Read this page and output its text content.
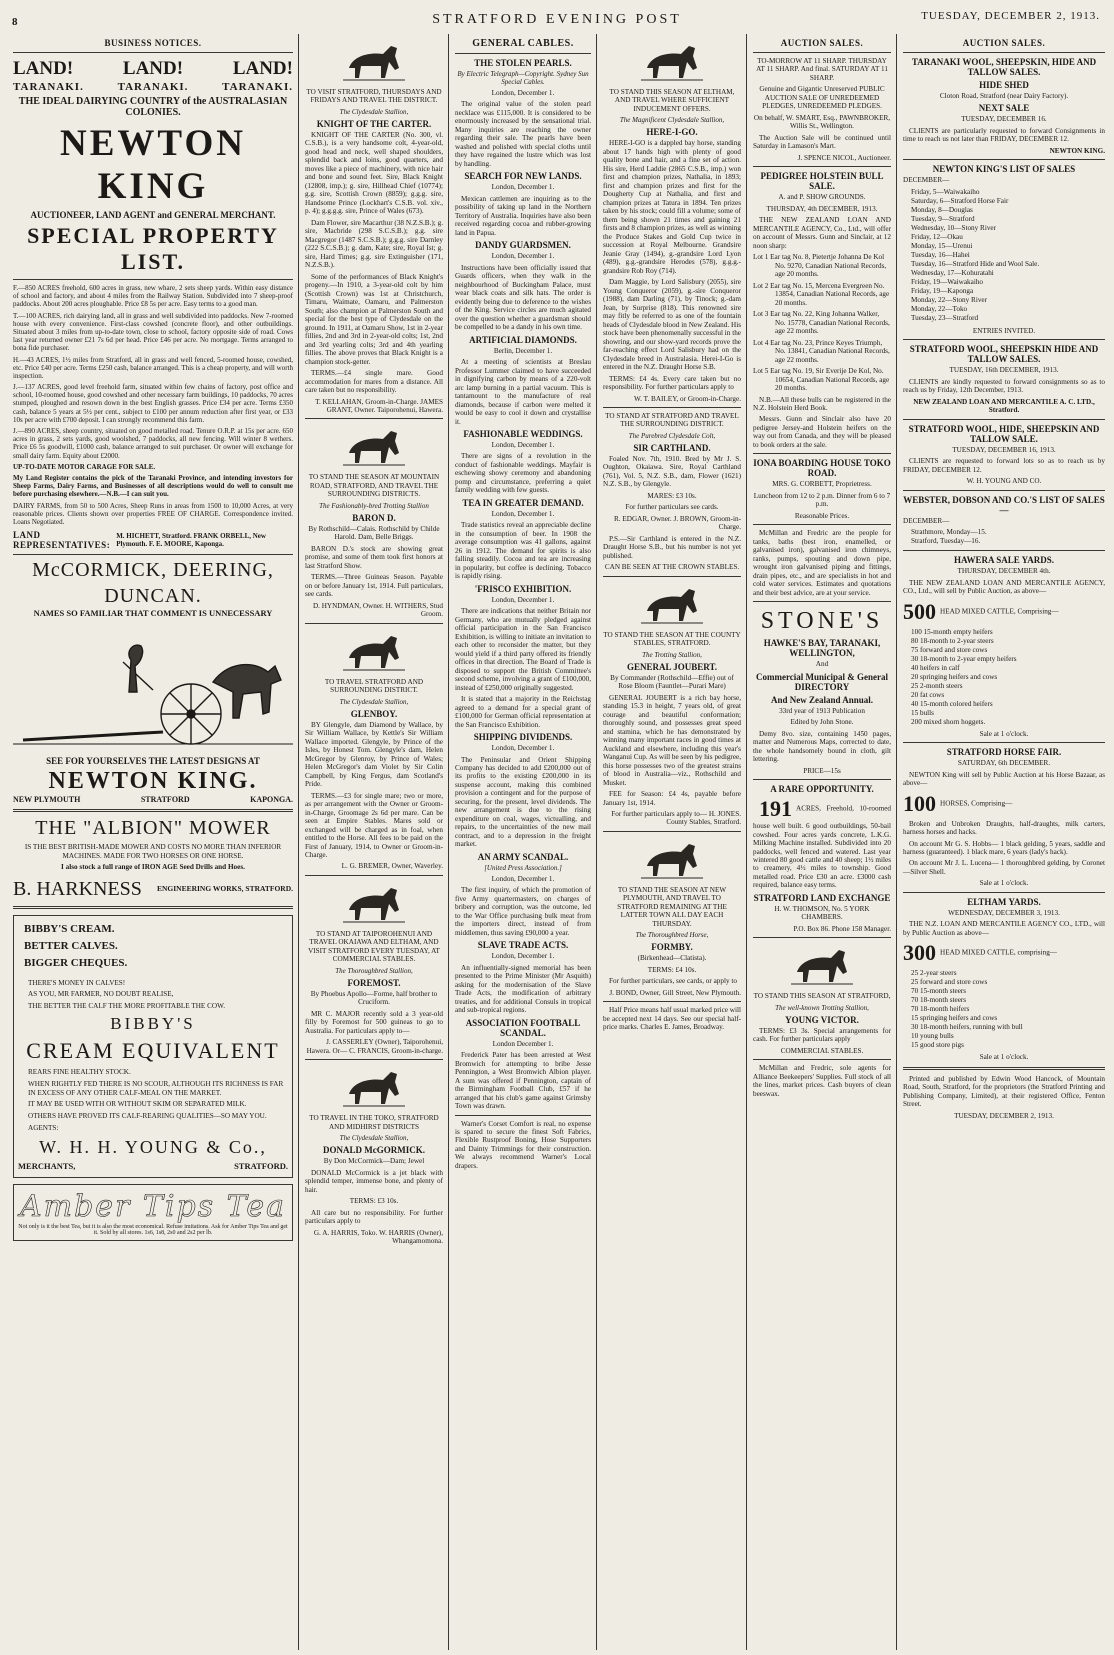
8	STRATFORD EVENING POST	TUESDAY, DECEMBER 2, 1913.
BUSINESS NOTICES.
LAND!	LAND!	LAND!
TARANAKI.	TARANAKI.	TARANAKI.
THE IDEAL DAIRYING COUNTRY of the AUSTRALASIAN COLONIES.
NEWTON KING
AUCTIONEER, LAND AGENT and GENERAL MERCHANT.
SPECIAL PROPERTY LIST.

F.—850 ACRES freehold, 600 acres in grass, new whare, 2 sets sheep yards. Within easy distance of school and factory, and about 4 miles from the Railway Station. Subdivided into 7 sheep-proof paddocks. About 200 acres ploughable. Price £8 5s per acre. Easy terms to a good man.

T.—100 ACRES, rich dairying land, all in grass and well subdivided into paddocks. New 7-roomed house with every convenience. First-class cowshed (concrete floor), and other outbuildings. Situated about 3 miles from up-to-date town, close to school, factory opposite side of road. Cows last year returned owner £21 7s 6d per head. Price £46 per acre. No mortgage. Terms arranged to bona fide purchaser.

H.—43 ACRES, 1½ miles from Stratford, all in grass and well fenced, 5-roomed house, cowshed, etc. Price £40 per acre. Terms £250 cash, balance arranged. This is a cheap property, and will worth inspection.

J.—137 ACRES, good level freehold farm, situated within few chains of factory, post office and school, 10-roomed house, good cowshed and other necessary farm buildings, 10 paddocks, 70 acres stumped, ploughed and resown down in the best English grasses. Price £34 per acre. Terms £350 cash, balance 5 years at 5½ per cent., subject to £100 per annum reduction after first year, or £33 10s per acre with £700 deposit. I can strongly recommend this farm.

J.—890 ACRES, sheep country, situated on good metalled road. Tenure O.R.P. at 15s per acre. 650 acres in grass, 2 sets yards, good woolshed, 7 paddocks, all new fencing. Will winter 8 wethers. Price £6 5s goodwill, £1000 cash, balance arranged to suit purchaser. Or owner will exchange for small dairy farm. Equity about £2000.

UP-TO-DATE MOTOR CARAGE FOR SALE.

My Land Register contains the pick of the Taranaki Province, and intending investors for Sheep Farms, Dairy Farms, and Businesses of all descriptions would do well to consult me before purchasing elsewhere.—N.B.—I can suit you.

DAIRY FARMS, from 50 to 500 Acres, Sheep Runs in areas from 1500 to 10,000 Acres, at very reasonable prices. Clients shown over properties FREE OF CHARGE. Correspondence invited. Loans Negotiated.

LAND REPRESENTATIVES:
M. HICHETT, Stratford. FRANK ORBELL, New Plymouth. F. E. MOORE, Kaponga.
McCORMICK, DEERING,
DUNCAN.
NAMES SO FAMILIAR THAT COMMENT IS UNNECESSARY
SEE FOR YOURSELVES THE LATEST DESIGNS AT
NEWTON KING.
NEW PLYMOUTH	STRATFORD	KAPONGA.
THE "ALBION" MOWER

IS THE BEST BRITISH-MADE MOWER AND COSTS NO MORE THAN INFERIOR MACHINES. MADE FOR TWO HORSES OR ONE HORSE.

I also stock a full range of IRON AGE Seed Drills and Hoes.

B. HARKNESS ENGINEERING WORKS, STRATFORD.
BIBBY'S CREAM.
BETTER CALVES.
BIGGER CHEQUES.
THERE'S MONEY IN CALVES!
AS YOU, MR FARMER, NO DOUBT REALISE,
THE BETTER THE CALF THE MORE PROFITABLE THE COW.
BIBBY'S
CREAM EQUIVALENT
REARS FINE HEALTHY STOCK.
WHEN RIGHTLY FED THERE IS NO SCOUR, ALTHOUGH ITS RICHNESS IS FAR IN EXCESS OF ANY OTHER CALF-MEAL ON THE MARKET.
IT MAY BE USED WITH OR WITHOUT SKIM OR SEPARATED MILK.
OTHERS HAVE PROVED ITS CALF-REARING QUALITIES—SO MAY YOU.
AGENTS:
W. H. H. YOUNG & Co.,
MERCHANTS,	STRATFORD.
Amber Tips Tea
Not only is it the best Tea, but it is also the most economical. Refuse imitations. Ask for Amber Tips Tea and get it. Sold by all stores. 1s6, 1s8, 2s0 and 2s2 per lb.

TO VISIT STRATFORD, THURSDAYS AND FRIDAYS AND TRAVEL THE DISTRICT.

The Clydesdale Stallion,
KNIGHT OF THE CARTER.

KNIGHT OF THE CARTER (No. 300, vl. C.S.B.), is a very handsome colt, 4-year-old, good head and neck, well shaped shoulders, splendid back and loins, good quarters, and moves like a piece of machinery, with nice hair and bone and sound feet. Sire, Black Knight (12808, imp.); g. sire, Hillhead Chief (10774); g.g. sire, Scottish Crown (8859); g.g.g. sire, Handsome Prince (Lockhart's C.S.B. vol. xiv., p. 4); g.g.g.g. sire, Prince of Wales (673).

Dam Flower, sire Macarthur (38 N.Z.S.B.); g. sire, Macbride (298 S.C.S.B.); g.g. sire Macgregor (1487 S.C.S.B.); g.g.g. sire Darnley (222 S.C.S.B.); g. dam, Kate; sire, Royal Ist; g. sire, Hard Times; g.g. sire Extinguisher (171, N.Z.S.B.).

Some of the performances of Black Knight's progeny.—In 1910, a 3-year-old colt by him (Scottish Crown) was 1st at Christchurch, Timaru, Waimate, Oamaru, and Palmerston South; also champion at Palmerston South and special for the best type of Clydesdale on the ground. In 1911, at Oamaru Show, 1st in 2-year fillies, 2nd and 3rd in 2-year-old colts; 1st, 2nd and 3rd yearling colts; 3rd and 4th yearling fillies. The above proves that Black Knight is a champion stock-getter.

TERMS.—£4 single mare. Good accommodation for mares from a distance. All care taken but no responsibility.

T. KELLAHAN, Groom-in-Charge. JAMES GRANT, Owner. Taiporohenui, Hawera.

TO STAND THE SEASON AT MOUNTAIN ROAD, STRATFORD, AND TRAVEL THE SURROUNDING DISTRICTS.

The Fashionably-bred Trotting Stallion
BARON D.

By Rothschild—Calais. Rothschild by Childe Harold. Dam, Belle Briggs.

BARON D.'s stock are showing great promise, and some of them took first honors at last Stratford Show.

TERMS.—Three Guineas Season. Payable on or before January 1st, 1914. Full particulars, see cards.

D. HYNDMAN, Owner. H. WITHERS, Stud Groom.

TO TRAVEL STRATFORD AND SURROUNDING DISTRICT.

The Clydesdale Stallion,
GLENBOY.

BY Glengyle, dam Diamond by Wallace, by Sir William Wallace, by Kettle's Sir William Wallace imported. Glengyle, by Prince of the Isles, by Honest Tom. Glengyle's dam, Helen McGregor by Glenroy, by Prince of Wales; Helen McGregor's dam Violet by Sir Colin Campbell, by King Fergus, dam Scotland's Pride.

TERMS.—£3 for single mare; two or more, as per arrangement with the Owner or Groom-in-Charge, Groomage 2s 6d per mare. Can be seen at Empire Stables. Mares sold or exchanged will be charged as in foal, when entitled to the Horse. All fees to be paid on the First of January, 1914, to Owner or Groom-in-Charge.

L. G. BREMER, Owner, Waverley.

TO STAND AT TAIPOROHENUI AND TRAVEL OKAIAWA AND ELTHAM, AND VISIT STRATFORD EVERY TUESDAY, AT COMMERCIAL STABLES.

The Thoroughbred Stallion,
FOREMOST.

By Phoebus Apollo—Forme, half brother to Cruciform.

MR C. MAJOR recently sold a 3 year-old filly by Foremost for 500 guineas to go to Australia. For particulars apply to—

J. CASSERLEY (Owner), Taiporohenui, Hawera. Or— C. FRANCIS, Groom-in-charge.

TO TRAVEL IN THE TOKO, STRATFORD AND MIDHIRST DISTRICTS

The Clydesdale Stallion,
DONALD McGORMICK.

By Don McCormick—Dam; Jewel

DONALD McCormick is a jet black with splendid temper, immense bone, and plenty of hair.

TERMS: £3 10s.

All care but no responsibility. For further particulars apply to

G. A. HARRIS, Toko. W. HARRIS (Owner), Whangamomona.

GENERAL CABLES.
THE STOLEN PEARLS.
By Electric Telegraph—Copyright. Sydney Sun Special Cables.

London, December 1.

The original value of the stolen pearl necklace was £115,000. It is considered to be enormously increased by the sensational trial. Many inquiries are reaching the owner regarding their sale. The pearls have been washed and polished with special cloths until they have regained the lustre which was lost by handling.

SEARCH FOR NEW LANDS.

London, December 1.

Mexican cattlemen are inquiring as to the possibility of taking up land in the Northern Territory of Australia. Inquiries have also been received regarding cocoa and rubber-growing land in Papua.

DANDY GUARDSMEN.

London, December 1.

Instructions have been officially issued that Guards officers, when they walk in the neighbourhood of Buckingham Palace, must wear black coats and silk hats. The order is evidently being due to deference to the wishes of the King. Service circles are much agitated over the question whether a guardsman should be compelled to be a dandy in his own time.

ARTIFICIAL DIAMONDS.

Berlin, December 1.

At a meeting of scientists at Breslau Professor Lummer claimed to have succeeded in dignifying carbon by means of a 220-volt arc lamp burning in a partial vacuum. This is tantamount to the manufacture of real diamonds, because if carbon were melted it would be easy to cool it down and crystallise it.

FASHIONABLE WEDDINGS.

London, December 1.

There are signs of a revolution in the conduct of fashionable weddings. Mayfair is eschewing showy ceremony and abandoning pomp and circumstance, preferring a quiet family wedding with few guests.

TEA IN GREATER DEMAND.

London, December 1.

Trade statistics reveal an appreciable decline in the consumption of beer. In 1908 the average consumption was 41 gallons, against 26 in 1912. The demand for spirits is also falling steadily. Cocoa and tea are increasing in popularity, but coffee is declining. Tobacco is rapidly rising.

'FRISCO EXHIBITION.

London, December 1.

There are indications that neither Britain nor Germany, who are mutually pledged against official participation in the San Francisco Exhibition, is willing to initiate an invitation to each other to reconsider the matter, but they would yield if a third party offered its friendly offices in that direction. The Board of Trade is disposed to support the British Committee's second scheme, involving a grant of £100,000, instead of £250,000 originally suggested.

It is stated that a majority in the Reichstag agreed to a demand for a special grant of £100,000 for German official representation at the San Francisco Exhibition.

SHIPPING DIVIDENDS.

London, December 1.

The Peninsular and Orient Shipping Company has decided to add £200,000 out of its profits to the existing £200,000 in its suspense account, making this combined provision a contingent and for the purpose of securing, for the present, level dividends. The new arrangement is due to the rising expenditure on coal, wages, victualling, and repairs, to the uncertainties of the new mail contract, and to a depression in the freight market.

AN ARMY SCANDAL.
[United Press Association.]

London, December 1.

The first inquiry, of which the promotion of five Army quartermasters, on charges of bribery and corruption, was the outcome, led to the War Office purchasing bulk meat from the importers direct, instead of from middlemen, thus saving £90,000 a year.

SLAVE TRADE ACTS.

London, December 1.

An influentially-signed memorial has been presented to the Prime Minister (Mr Asquith) asking for the modernisation of the Slave Trade Acts, the modification of arbitrary treaties, and for additional Consuls in tropical and sub-tropical regions.

ASSOCIATION FOOTBALL SCANDAL.

London December 1.

Frederick Pater has been arrested at West Bromwich for attempting to bribe Jesse Pennington, a West Bromwich Albion player. A sum was offered if Pennington, captain of the Birmingham Football Club, £57 if he arranged that his club's game against Grimsby Town was drawn.

Warner's Corset Comfort is real, no expense is spared to secure the finest Soft Fabrics, Flexible Rustproof Boning, Hose Supporters and Dainty Trimmings for their construction. We always recommend Warner's Local drapers.

TO STAND THIS SEASON AT ELTHAM, AND TRAVEL WHERE SUFFICIENT INDUCEMENT OFFERS.

The Magnificent Clydesdale Stallion,
HERE-I-GO.

HERE-I-GO is a dappled bay horse, standing about 17 hands high with plenty of good quality bone and hair, and a fine set of action. His sire, Herd Laddie (2865 C.S.B., imp.) won first and champion prizes, Nathalia, in 1893; first and champion prizes and first for the Dougherty Cup at Nathalia, and first and champion prizes at Tatura in 1894. Ten prizes taken by his stock; could fill a volume; some of them being shown 21 times and gaining 21 firsts and 8 champion prizes, as well as winning the Produce Stakes and Gold Cup twice in succession at Royal Melbourne. Grandsire Jeanie Gray (1494), g.-grandsire Lord Lyon (489), g.g.-grandsire Herodes (578), g.g.g.-grandsire Rob Roy (714).

Dam Maggie, by Lord Salisbury (2055), sire Young Conqueror (2059), g.-sire Conqueror (1988), dam Darling (71), by Tinock; g.-dam Jean, by Surprise (818). This renowned sire may fitly be referred to as one of the fountain heads of Clydesdale blood in New Zealand. His stock have been phenomenally successful in the showring, and our show-yard records prove the far-reaching effect Lord Salisbury had on the Clydesdale breed in Australasia. Herei-I-Go is entered in the N.Z. Draught Horse S.B.

TERMS: £4 4s. Every care taken but no responsibility. For further particulars apply to

W. T. BAILEY, or Groom-in-Charge.

TO STAND AT STRATFORD AND TRAVEL THE SURROUNDING DISTRICT.

The Purebred Clydesdale Colt,
SIR CARTHLAND.

Foaled Nov. 7th, 1910. Bred by Mr J. S. Oughton, Okaiawa. Sire, Royal Carthland (761), Vol. 5, N.Z. S.B., dam, Flower (1621) N.Z. S.B., by Glengyle.

MARES: £3 10s.

For further particulars see cards.

R. EDGAR, Owner. J. BROWN, Groom-in-Charge.

P.S.—Sir Carthland is entered in the N.Z. Draught Horse S.B., but his number is not yet published.

CAN BE SEEN AT THE CROWN STABLES.

TO STAND THE SEASON AT THE COUNTY STABLES, STRATFORD.

The Trotting Stallion,
GENERAL JOUBERT.

By Commander (Rothschild—Effie) out of Rose Bloom (Fauntlet—Purari Mare)

GENERAL JOUBERT is a rich bay horse, standing 15.3 in height, 7 years old, of great courage and beautiful conformation; thoroughly sound, and possesses great speed and stamina, which he has demonstrated by winning many important races in good times at Auckland and elsewhere, including this year's Wanganui Cup. As will be seen by his pedigree, this horse possesses two of the greatest strains of blood in Australia—viz., Rothschild and Musket.

FEE for Season: £4 4s, payable before January 1st, 1914.

For further particulars apply to— H. JONES. County Stables, Stratford.

TO STAND THE SEASON AT NEW PLYMOUTH, AND TRAVEL TO STRATFORD REMAINING AT THE LATTER TOWN ALL DAY EACH THURSDAY.

The Thoroughbred Horse,
FORMBY.

(Birkenhead—Clatista).

TERMS: £4 10s.

For further particulars, see cards, or apply to

J. BOND, Owner, Gill Street, New Plymouth.

Half Price means half usual marked price will be accepted next 14 days. See our special half-price marks. Charles E. James, Broadway.

AUCTION SALES.

TO-MORROW AT 11 SHARP. THURSDAY AT 11 SHARP. And final. SATURDAY AT 11 SHARP.

Genuine and Gigantic Unreserved PUBLIC AUCTION SALE OF UNREDEEMED PLEDGES, UNREDEEMED PLEDGES.

On behalf, W. SMART, Esq., PAWNBROKER, Willis St., Wellington.

The Auction Sale will be continued until Saturday in Lamason's Mart.

J. SPENCE NICOL, Auctioneer.

PEDIGREE HOLSTEIN BULL SALE.

A. and P. SHOW GROUNDS.

THURSDAY, 4th DECEMBER, 1913.

THE NEW ZEALAND LOAN AND MERCANTILE AGENCY, Co., Ltd., will offer on account of Messrs. Gunn and Sinclair, at 12 noon sharp:

Lot 1 Ear tag No. 8, Pietertje Johanna De Kol No. 9270, Canadian National Records, age 20 months.

Lot 2 Ear tag No. 15, Mercena Evergreen No. 13854, Canadian National Records, age 20 months.

Lot 3 Ear tag No. 22, King Johanna Walker, No. 15778, Canadian National Records, age 22 months.

Lot 4 Ear tag No. 23, Prince Keyes Triumph, No. 13841, Canadian National Records, age 22 months.

Lot 5 Ear tag No. 19, Sir Everije De Kol, No. 10654, Canadian National Records, age 20 months.

N.B.—All these bulls can be registered in the N.Z. Holstein Herd Book.

Messrs. Gunn and Sinclair also have 20 pedigree Jersey-and Holstein heifers on the way out from Canada, and they will be pleased to book orders at the sale.

IONA BOARDING HOUSE TOKO ROAD.

MRS. G. CORBETT, Proprietress.

Luncheon from 12 to 2 p.m. Dinner from 6 to 7 p.m.

Reasonable Prices.

McMillan and Fredric are the people for tanks, baths (best iron, enamelled, or galvanised iron), galvanised iron chimneys, ranks, pumps, spouting and down pipe, wrought iron galvanised piping and fittings, drain pipes, etc., and are specialists in hot and cold water services. Estimates and quotations and their best advice, are at your service.

STONE'S
HAWKE'S BAY, TARANAKI, WELLINGTON,

And

Commercial Municipal & General DIRECTORY
And New Zealand Annual.

33rd year of 1913 Publication

Edited by John Stone.

Demy 8vo. size, containing 1450 pages, matter and Numerous Maps, corrected to date, the whole handsomely bound in cloth, gilt lettering.

PRICE—15s

A RARE OPPORTUNITY.

191 ACRES, Freehold, 10-roomed house well built. 6 good outbuildings, 50-bail cowshed. Four acres yards concrete, L.K.G. Milking Machine installed. Subdivided into 20 paddocks, well fenced and watered. Last year wintered 80 good cattle and 40 sheep; 1½ miles to creamery, 4½ miles to township. Good metalled road. Price £30 an acre. £3000 cash required, balance easy terms.

STRATFORD LAND EXCHANGE

H. W. THOMSON, No. 5 YORK CHAMBERS.

P.O. Box 86. Phone 158 Manager.

TO STAND THIS SEASON AT STRATFORD,

The well-known Trotting Stallion,
YOUNG VICTOR.

TERMS: £3 3s. Special arrangements for cash. For further particulars apply

COMMERCIAL STABLES.

McMillan and Fredric, sole agents for Alliance Beekeepers' Supplies. Full stock of all the lines, market prices. Cash buyers of clean beeswax.

AUCTION SALES.
TARANAKI WOOL, SHEEPSKIN, HIDE AND TALLOW SALES.
HIDE SHED

Cloton Road, Stratford (near Dairy Factory).

NEXT SALE

TUESDAY, DECEMBER 16.

CLIENTS are particularly requested to forward Consignments in time to reach us not later than FRIDAY, DECEMBER 12.

NEWTON KING.

NEWTON KING'S LIST OF SALES

DECEMBER—

Friday, 5—Waiwakaiho
Saturday, 6—Stratford Horse Fair
Monday, 8—Douglas
Tuesday, 9—Stratford
Wednesday, 10—Stony River
Friday, 12—Okau
Monday, 15—Urenui
Tuesday, 16—Hahei
Tuesday, 16—Stratford Hide and Wool Sale.
Wednesday, 17—Kohuratahi
Friday, 19—Waiwakaiho
Friday, 19—Kaponga
Monday, 22—Stony River
Monday, 22—Toko
Tuesday, 23—Stratford

ENTRIES INVITED.

STRATFORD WOOL, SHEEPSKIN HIDE AND TALLOW SALES.

TUESDAY, 16th DECEMBER, 1913.

CLIENTS are kindly requested to forward consignments so as to reach us by Friday, 12th December, 1913.

NEW ZEALAND LOAN AND MERCANTILE A. C. LTD., Stratford.

STRATFORD WOOL, HIDE, SHEEPSKIN AND TALLOW SALE.

TUESDAY, DECEMBER 16, 1913.

CLIENTS are requested to forward lots so as to reach us by FRIDAY, DECEMBER 12.

W. H. YOUNG AND CO.

WEBSTER, DOBSON AND CO.'S LIST OF SALES—

DECEMBER—

Strathmore, Monday—15.
Stratford, Tuesday—16.
HAWERA SALE YARDS.

THURSDAY, DECEMBER 4th.

THE NEW ZEALAND LOAN AND MERCANTILE AGENCY, CO., Ltd., will sell by Public Auction, as above—

500 HEAD MIXED CATTLE, Comprising—

100 15-month empty heifers
80 18-month to 2-year steers
75 forward and store cows
30 18-month to 2-year empty heifers
40 heifers in calf
20 springing heifers and cows
25 2-month steers
20 fat cows
40 15-month colored heifers
15 bulls
200 mixed shorn hoggets.

Sale at 1 o'clock.

STRATFORD HORSE FAIR.

SATURDAY, 6th DECEMBER.

NEWTON King will sell by Public Auction at his Horse Bazaar, as above—

100 HORSES, Comprising—

Broken and Unbroken Draughts, half-draughts, milk carters, harness horses and hacks.

On account Mr G. S. Hobbs— 1 black gelding, 5 years, saddle and harness (guaranteed). 1 black mare, 6 years (lady's hack).

On account Mr J. L. Lucena— 1 thoroughbred gelding, by Coronet—Silver Shell.

Sale at 1 o'clock.

ELTHAM YARDS.

WEDNESDAY, DECEMBER 3, 1913.

THE N.Z. LOAN AND MERCANTILE AGENCY CO., LTD., will by Public Auction as above—

300 HEAD MIXED CATTLE, comprising—

25 2-year steers
25 forward and store cows
70 15-month steers
70 18-month steers
70 18-month heifers
15 springing heifers and cows
30 18-month heifers, running with bull
10 young bulls
15 good store pigs

Sale at 1 o'clock.

Printed and published by Edwin Wood Hancock, of Mountain Road, South, Stratford, for the proprietors (the Stratford Printing and Publishing Company, Limited), at their registered Office, Fenton Street.

TUESDAY, DECEMBER 2, 1913.
